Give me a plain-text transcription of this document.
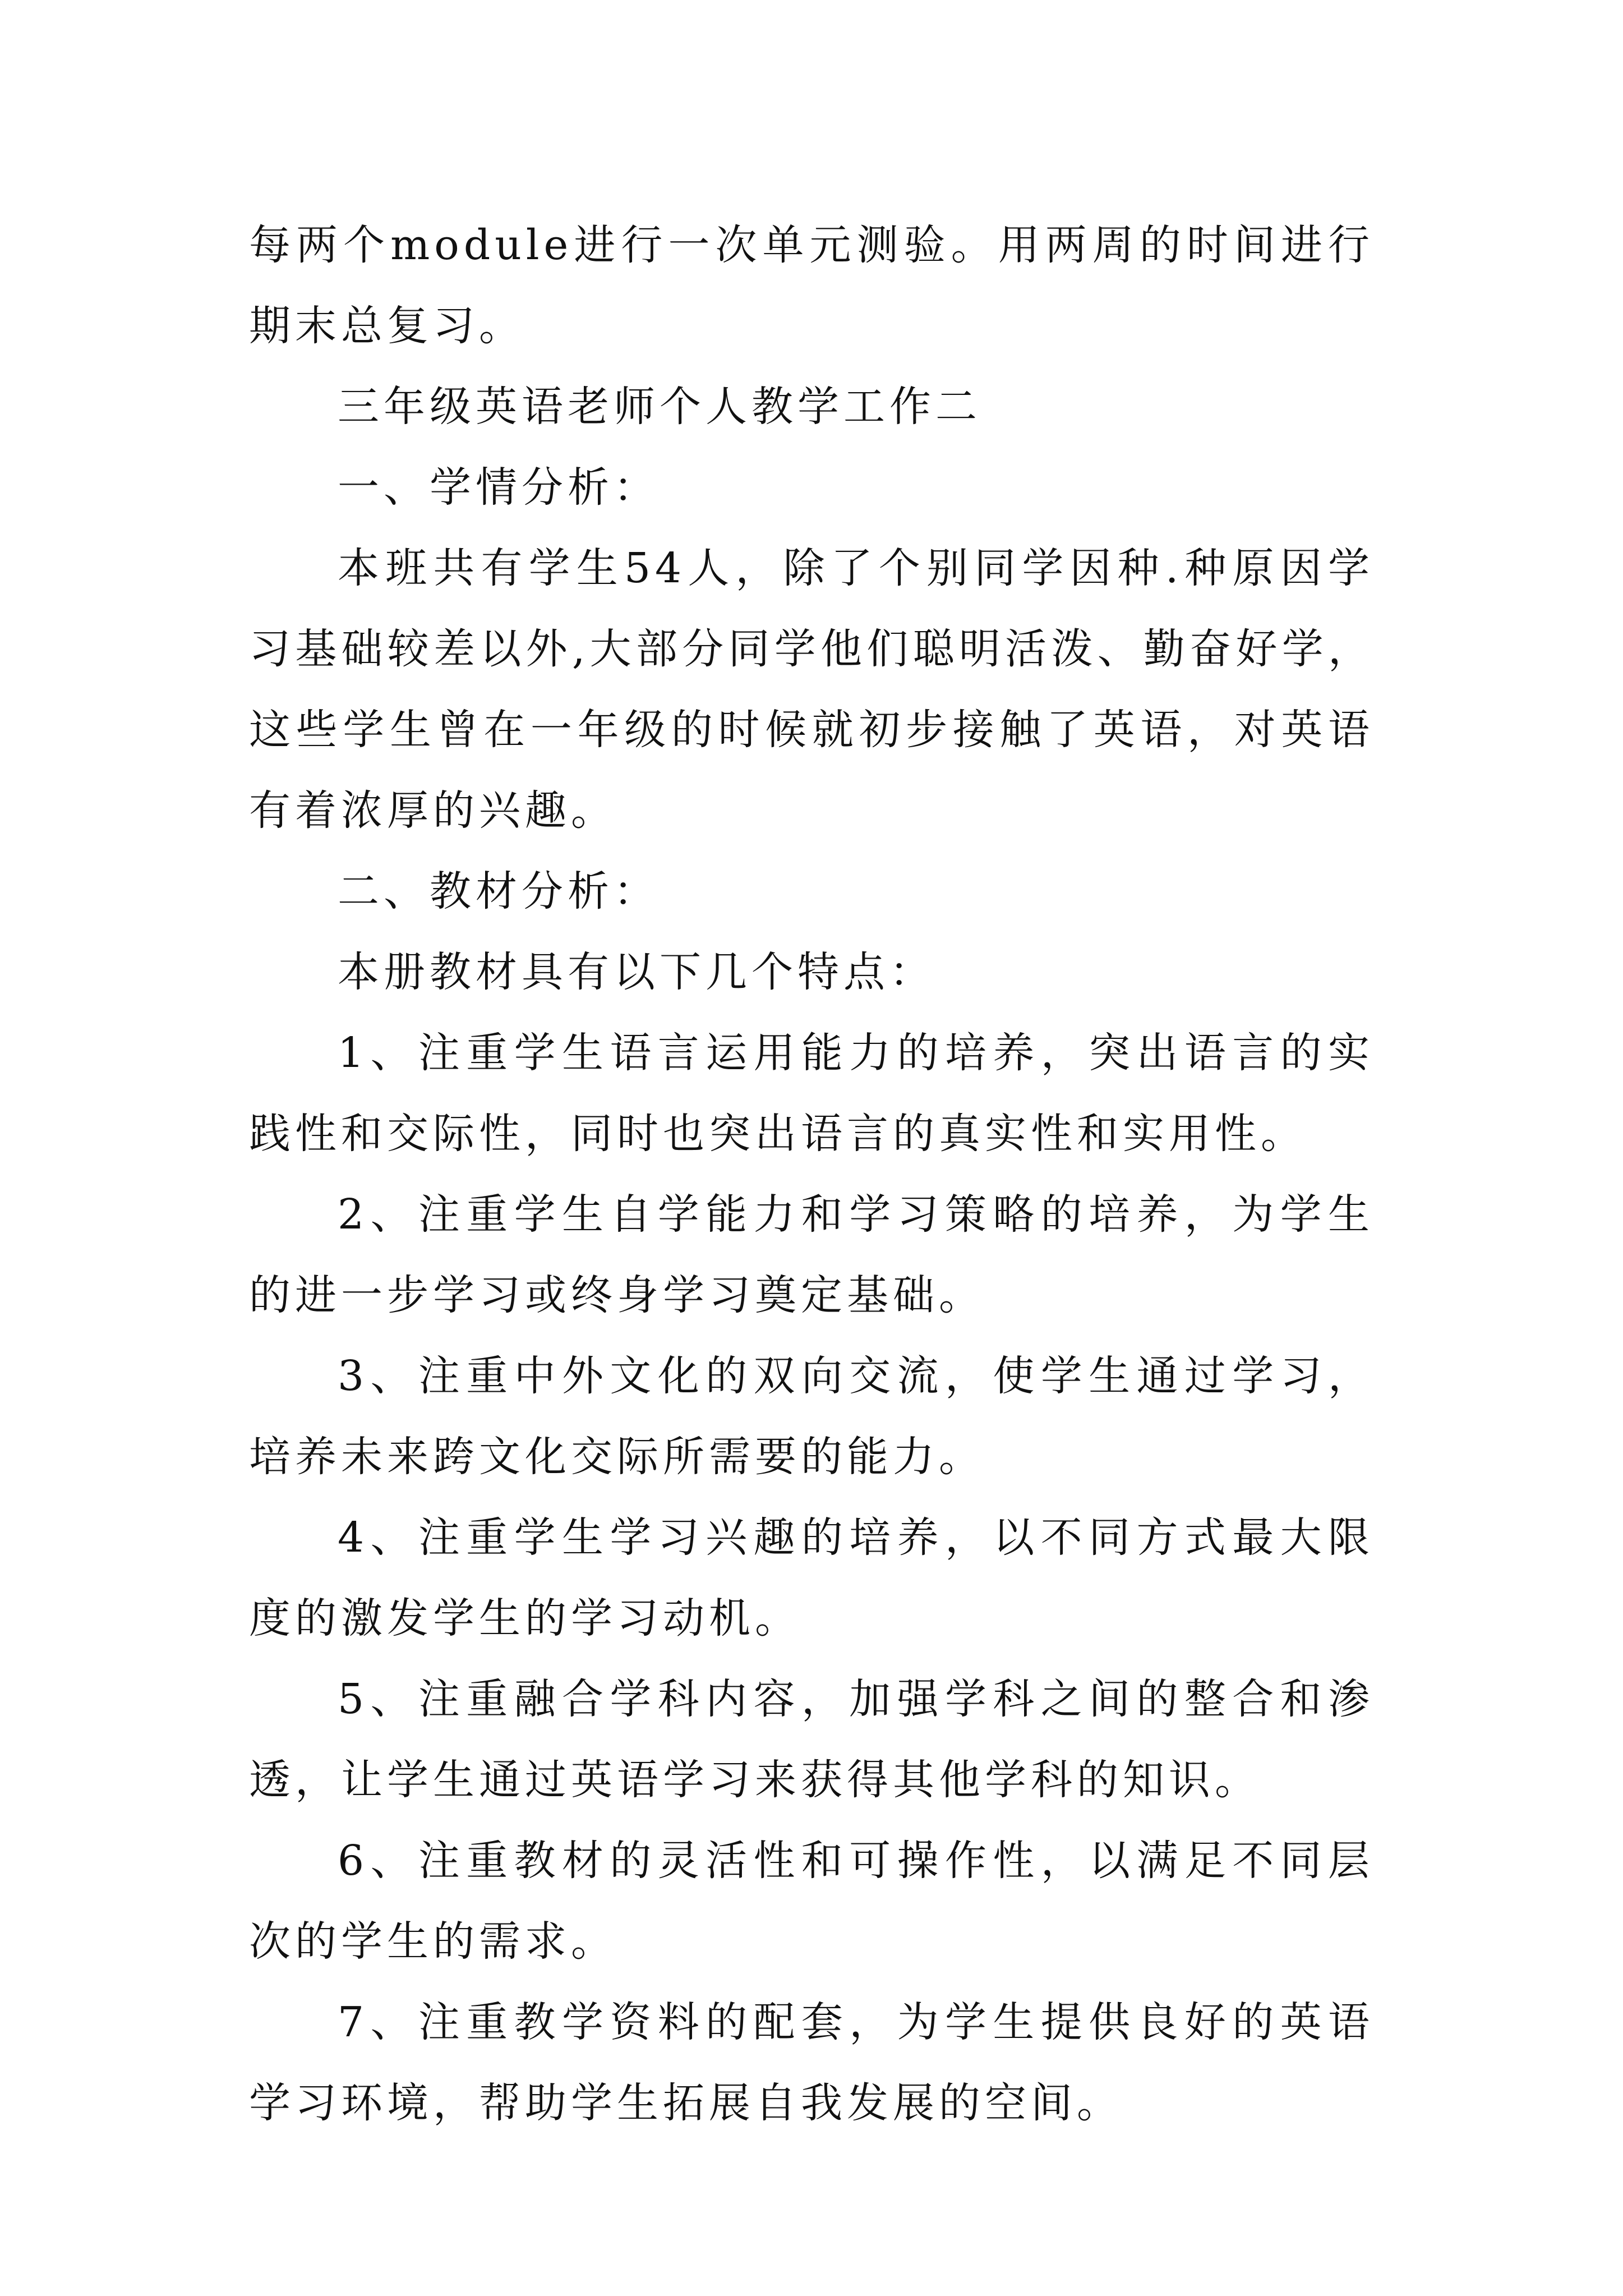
每两个module进行一次单元测验。用两周的时间进行期末总复习。

三年级英语老师个人教学工作二

一、学情分析：

本班共有学生54人，除了个别同学因种.种原因学习基础较差以外,大部分同学他们聪明活泼、勤奋好学，这些学生曾在一年级的时候就初步接触了英语，对英语有着浓厚的兴趣。

二、教材分析：

本册教材具有以下几个特点：

1、注重学生语言运用能力的培养，突出语言的实践性和交际性，同时也突出语言的真实性和实用性。

2、注重学生自学能力和学习策略的培养，为学生的进一步学习或终身学习奠定基础。

3、注重中外文化的双向交流，使学生通过学习，培养未来跨文化交际所需要的能力。

4、注重学生学习兴趣的培养，以不同方式最大限度的激发学生的学习动机。

5、注重融合学科内容，加强学科之间的整合和渗透，让学生通过英语学习来获得其他学科的知识。

6、注重教材的灵活性和可操作性，以满足不同层次的学生的需求。

7、注重教学资料的配套，为学生提供良好的英语学习环境，帮助学生拓展自我发展的空间。
